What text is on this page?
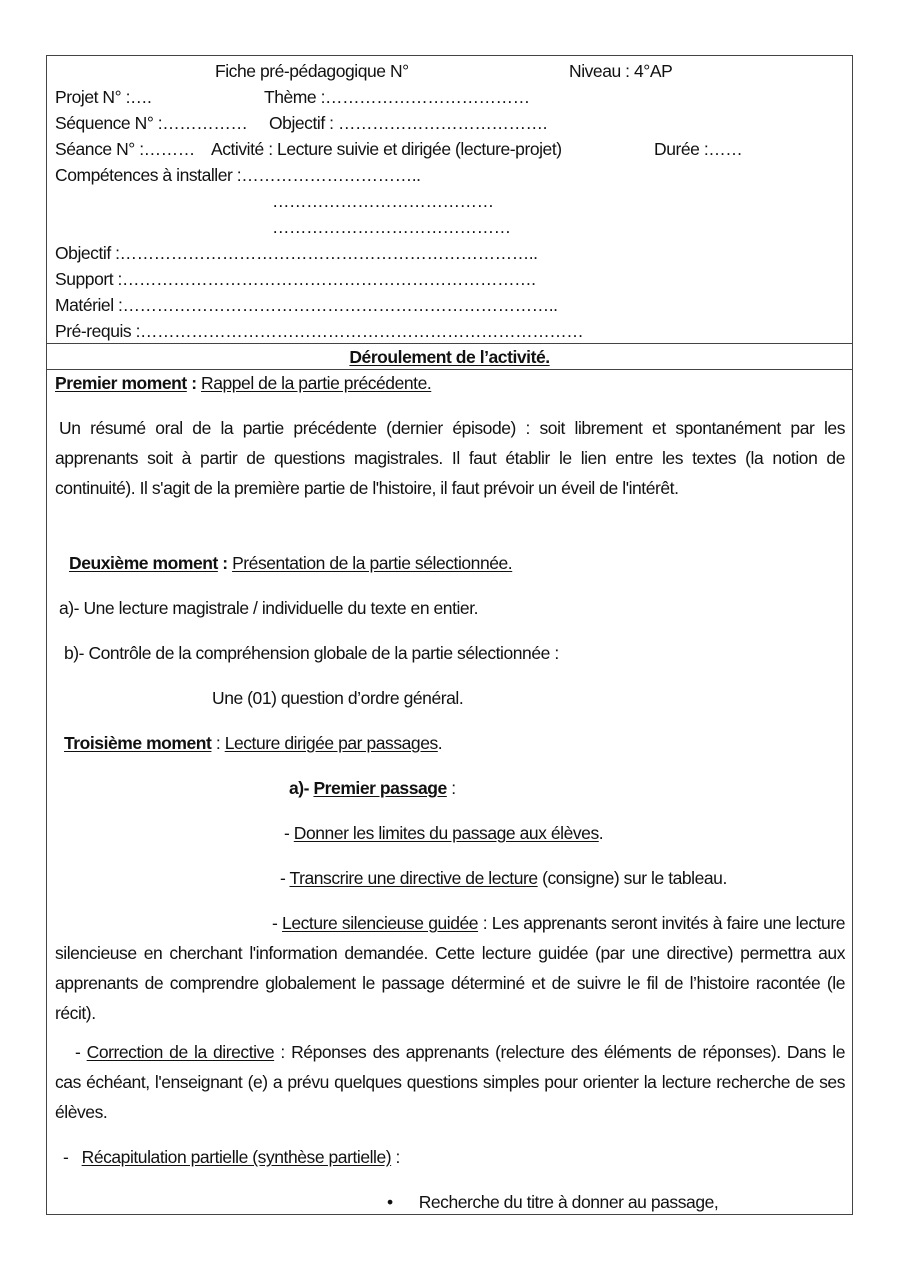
Fiche pré-pédagogique N°	Niveau : 4°AP
Projet N° :….	Thème :………………………………
Séquence N° :…………… Objectif : ……………………………….
Séance N° :……… Activité : Lecture suivie et dirigée (lecture-projet)	Durée :……
Compétences à installer :…………………………..
…………………………………
……………………………………
Objectif :………………………………………………………………..
Support :……………………………………………………………….
Matériel :…………………………………………………………………..
Pré-requis :……………………………………………………………………
Déroulement de l’activité.
Premier moment : Rappel de la partie précédente.
Un résumé oral de la partie précédente (dernier épisode) : soit librement et spontanément par les apprenants soit à partir de questions magistrales. Il faut établir le lien entre les textes (la notion de continuité). Il s'agit de la première partie de l'histoire, il faut prévoir un éveil de l'intérêt.
Deuxième moment : Présentation de la partie sélectionnée.
a)- Une lecture magistrale / individuelle du texte en entier.
b)- Contrôle de la compréhension globale de la partie sélectionnée :
Une (01) question d’ordre général.
Troisième moment : Lecture dirigée par passages.
a)- Premier passage :
- Donner les limites du passage aux élèves.
- Transcrire une directive de lecture (consigne) sur le tableau.
- Lecture silencieuse guidée : Les apprenants seront invités à faire une lecture silencieuse en cherchant l'information demandée. Cette lecture guidée (par une directive) permettra aux apprenants de comprendre globalement le passage déterminé et de suivre le fil de l’histoire racontée (le récit).
- Correction de la directive : Réponses des apprenants (relecture des éléments de réponses). Dans le cas échéant, l'enseignant (e) a prévu quelques questions simples pour orienter la lecture recherche de ses élèves.
-   Récapitulation partielle (synthèse partielle) :
• Recherche du titre à donner au passage,
